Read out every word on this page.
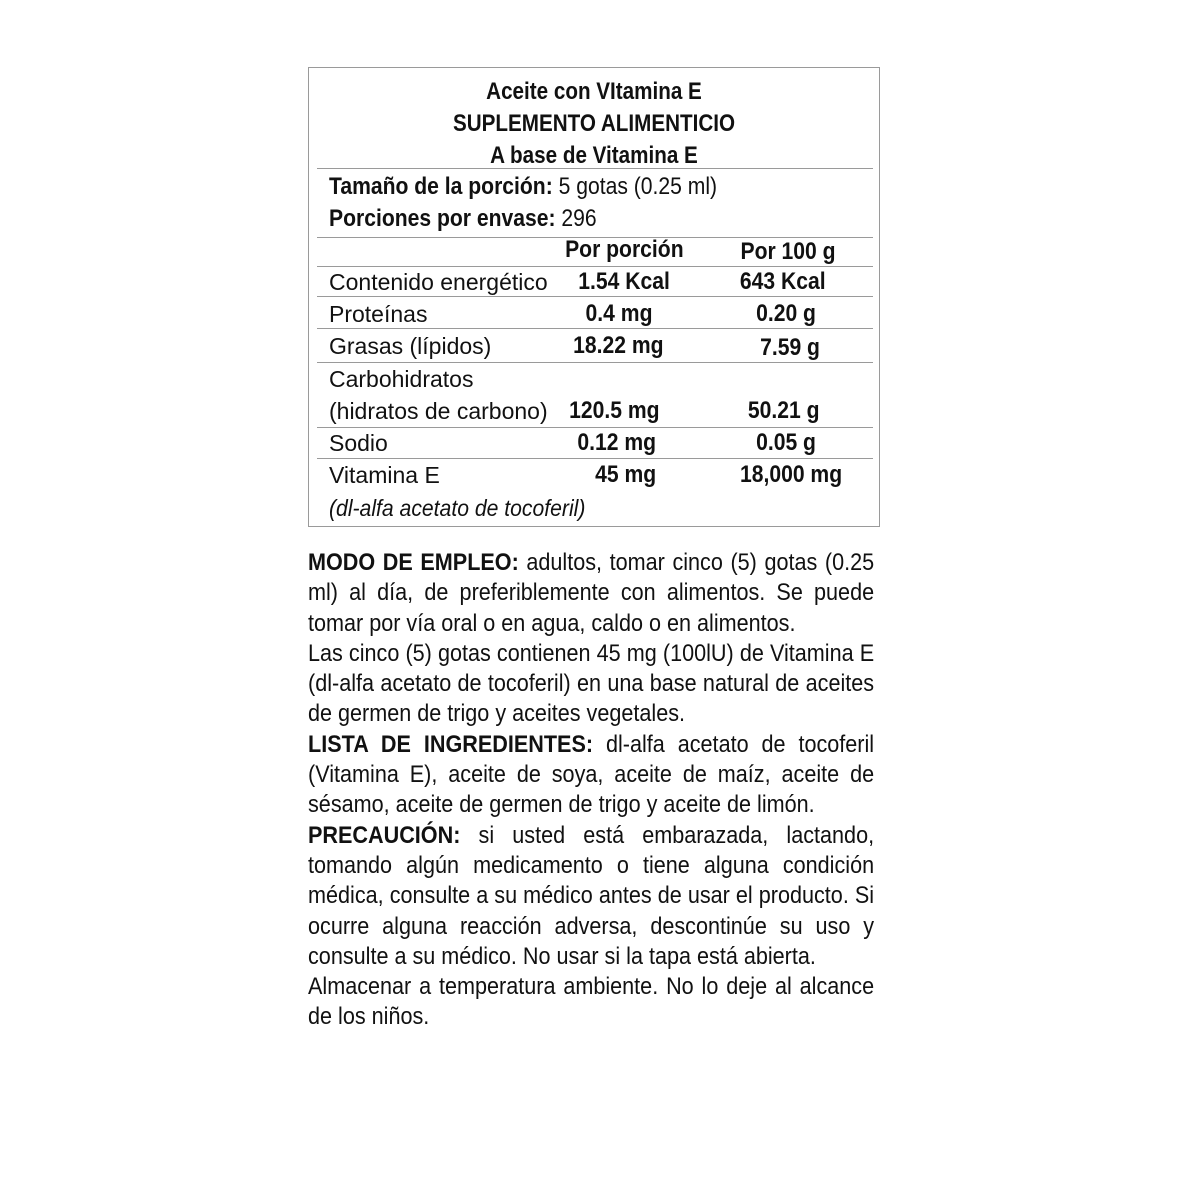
Aceite con VItamina E
SUPLEMENTO ALIMENTICIO
A base de Vitamina E
Tamaño de la porción: 5 gotas (0.25 ml)
Porciones por envase: 296
Por porción Por 100 g
Contenido energético 1.54 Kcal	643 Kcal
Proteínas	0.4 mg	0.20 g
Grasas (lípidos)	18.22 mg	7.59 g
Carbohidratos
(hidratos de carbono) 120.5 mg	50.21 g
Sodio	0.12 mg	0.05 g
Vitamina E	45 mg	18,000 mg
(dl-alfa acetato de tocoferil)

MODO DE EMPLEO: adultos, tomar cinco (5) gotas (0.25 ml) al día, de preferiblemente con alimentos. Se puede tomar por vía oral o en agua, caldo o en alimentos.

Las cinco (5) gotas contienen 45 mg (100lU) de Vitamina E (dl-alfa acetato de tocoferil) en una base natural de aceites de germen de trigo y aceites vegetales.

LISTA DE INGREDIENTES: dl-alfa acetato de tocoferil (Vitamina E), aceite de soya, aceite de maíz, aceite de sésamo, aceite de germen de trigo y aceite de limón.

PRECAUCIÓN: si usted está embarazada, lactando, tomando algún medicamento o tiene alguna condición médica, consulte a su médico antes de usar el producto. Si ocurre alguna reacción adversa, descontinúe su uso y consulte a su médico. No usar si la tapa está abierta.

Almacenar a temperatura ambiente. No lo deje al alcance de los niños.
